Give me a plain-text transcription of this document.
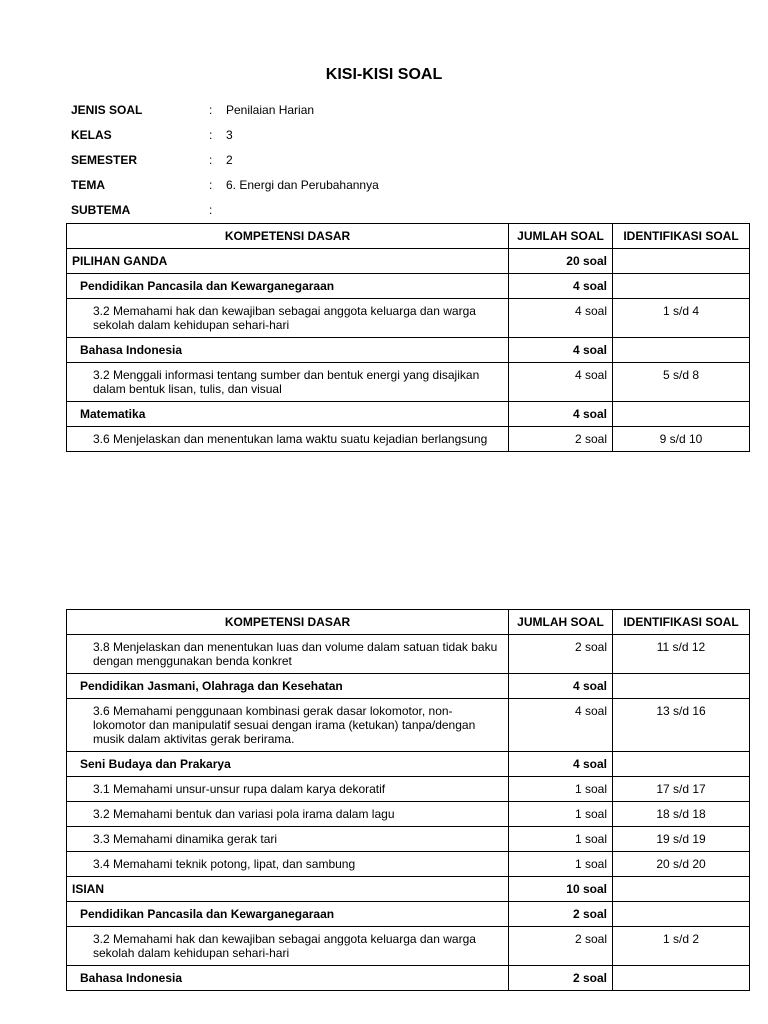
KISI-KISI SOAL
JENIS SOAL	:	Penilaian Harian
KELAS	:	3
SEMESTER	:	2
TEMA	:	6. Energi dan Perubahannya
SUBTEMA	:
KOMPETENSI DASAR	JUMLAH SOAL	IDENTIFIKASI SOAL
PILIHAN GANDA	20 soal	
Pendidikan Pancasila dan Kewarganegaraan	4 soal	
3.2 Memahami hak dan kewajiban sebagai anggota keluarga dan warga sekolah dalam kehidupan sehari-hari	4 soal	1 s/d 4
Bahasa Indonesia	4 soal	
3.2 Menggali informasi tentang sumber dan bentuk energi yang disajikan dalam bentuk lisan, tulis, dan visual	4 soal	5 s/d 8
Matematika	4 soal	
3.6 Menjelaskan dan menentukan lama waktu suatu kejadian berlangsung	2 soal	9 s/d 10
KOMPETENSI DASAR	JUMLAH SOAL	IDENTIFIKASI SOAL
3.8 Menjelaskan dan menentukan luas dan volume dalam satuan tidak baku dengan menggunakan benda konkret	2 soal	11 s/d 12
Pendidikan Jasmani, Olahraga dan Kesehatan	4 soal	
3.6 Memahami penggunaan kombinasi gerak dasar lokomotor, non-lokomotor dan manipulatif sesuai dengan irama (ketukan) tanpa/dengan musik dalam aktivitas gerak berirama.	4 soal	13 s/d 16
Seni Budaya dan Prakarya	4 soal	
3.1 Memahami unsur-unsur rupa dalam karya dekoratif	1 soal	17 s/d 17
3.2 Memahami bentuk dan variasi pola irama dalam lagu	1 soal	18 s/d 18
3.3 Memahami dinamika gerak tari	1 soal	19 s/d 19
3.4 Memahami teknik potong, lipat, dan sambung	1 soal	20 s/d 20
ISIAN	10 soal	
Pendidikan Pancasila dan Kewarganegaraan	2 soal	
3.2 Memahami hak dan kewajiban sebagai anggota keluarga dan warga sekolah dalam kehidupan sehari-hari	2 soal	1 s/d 2
Bahasa Indonesia	2 soal	
